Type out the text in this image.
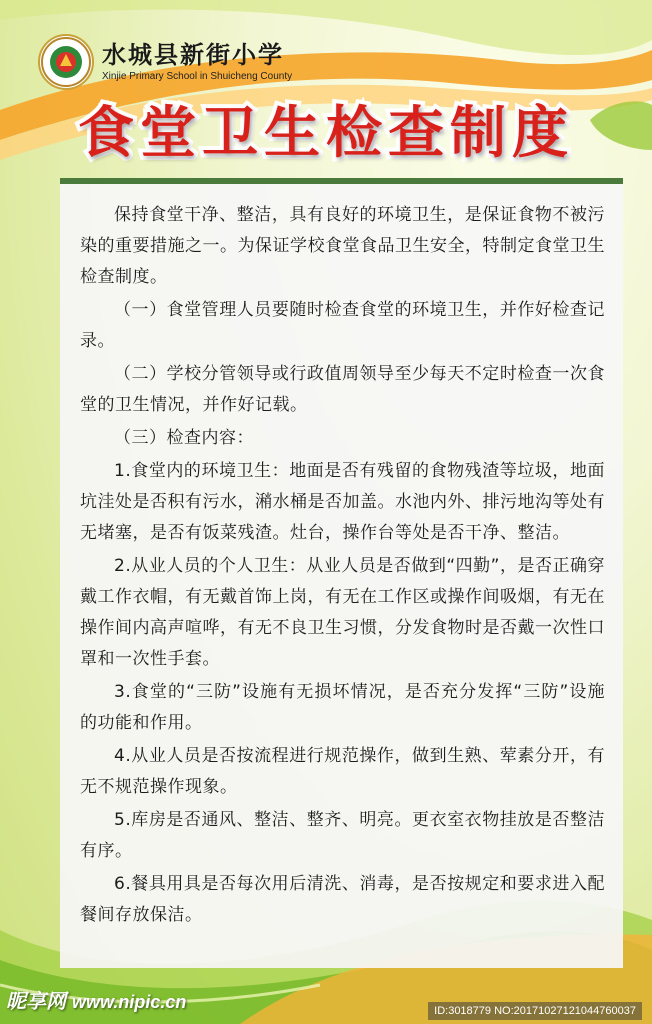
水城县新街小学
Xinjie Primary School in Shuicheng County
食堂卫生检查制度

保持食堂干净、整洁，具有良好的环境卫生，是保证食物不被污染的重要措施之一。为保证学校食堂食品卫生安全，特制定食堂卫生检查制度。

（一）食堂管理人员要随时检查食堂的环境卫生，并作好检查记录。

（二）学校分管领导或行政值周领导至少每天不定时检查一次食堂的卫生情况，并作好记载。

（三）检查内容：

1.食堂内的环境卫生：地面是否有残留的食物残渣等垃圾，地面坑洼处是否积有污水，潲水桶是否加盖。水池内外、排污地沟等处有无堵塞，是否有饭菜残渣。灶台，操作台等处是否干净、整洁。

2.从业人员的个人卫生：从业人员是否做到“四勤”，是否正确穿戴工作衣帽，有无戴首饰上岗，有无在工作区或操作间吸烟，有无在操作间内高声喧哗，有无不良卫生习惯，分发食物时是否戴一次性口罩和一次性手套。

3.食堂的“三防”设施有无损坏情况，是否充分发挥“三防”设施的功能和作用。

4.从业人员是否按流程进行规范操作，做到生熟、荤素分开，有无不规范操作现象。

5.库房是否通风、整洁、整齐、明亮。更衣室衣物挂放是否整洁有序。

6.餐具用具是否每次用后清洗、消毒，是否按规定和要求进入配餐间存放保洁。

昵享网 www.nipic.cn	ID:3018779 NO:20171027121044760037
